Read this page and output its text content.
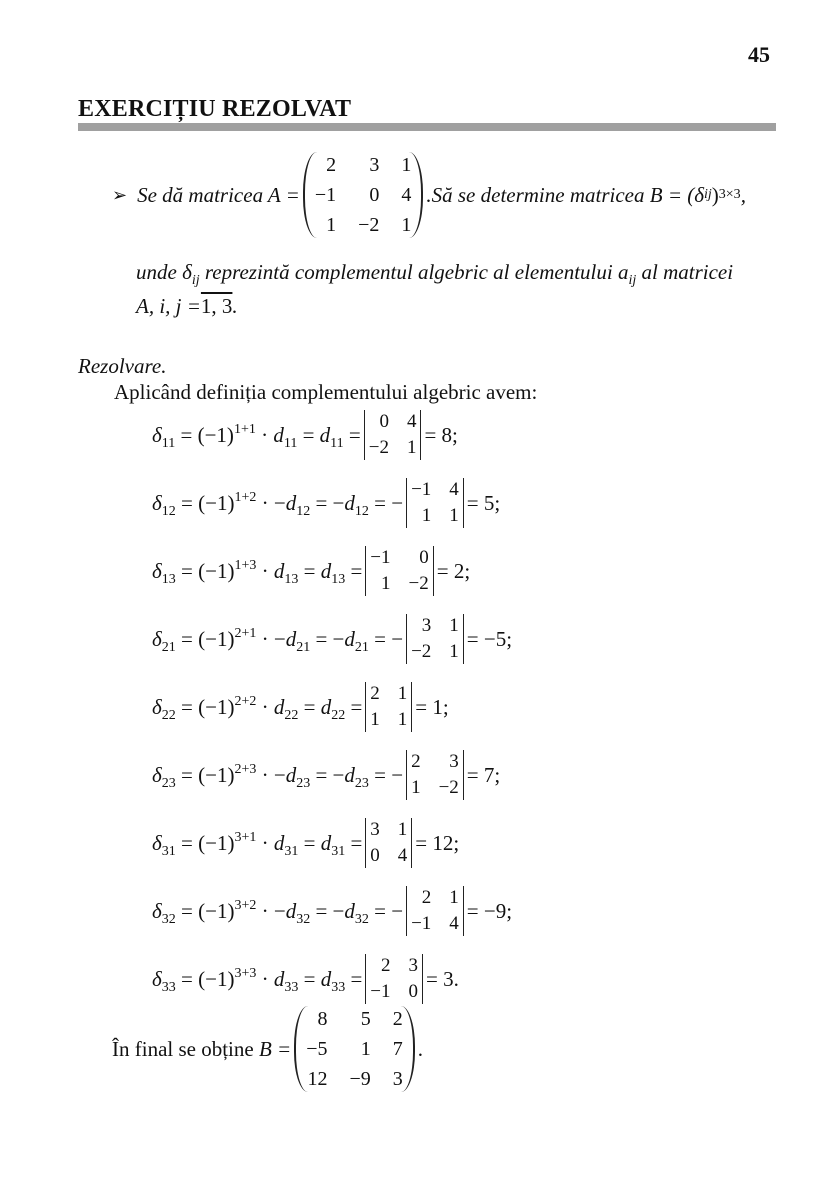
45
EXERCIȚIU REZOLVAT
➢ Se dă matricea A =
2	3 1
−1	0 4
1 −2 1
.Să se determine matricea B = (δ ij ) 3×3 ,
unde $\delta_{ij}$ reprezintă complementul algebric al elementului $a_{ij}$ al matricei
A, i, j =1, 3.
Rezolvare.
Aplicând definiția complementului algebric avem:
$\delta_{11} = (-1)^{1+1} \cdot d_{11} = d_{11}$ =
0 4
−2 1
= 8;
$\delta_{12} = (-1)^{1+2} \cdot -d_{12} = -d_{12}$ = −
−1 4
1 1
= 5;
$\delta_{13} = (-1)^{1+3} \cdot d_{13} = d_{13}$ =
−1	0
1 −2
= 2;
$\delta_{21} = (-1)^{2+1} \cdot -d_{21} = -d_{21}$ = −
3 1
−2 1
= −5;
$\delta_{22} = (-1)^{2+2} \cdot d_{22} = d_{22}$ =
2 1
1 1
= 1;
$\delta_{23} = (-1)^{2+3} \cdot -d_{23} = -d_{23}$ = −
2	3
1 −2
= 7;
$\delta_{31} = (-1)^{3+1} \cdot d_{31} = d_{31}$ =
3 1
0 4
= 12;
$\delta_{32} = (-1)^{3+2} \cdot -d_{32} = -d_{32}$ = −
2 1
−1 4
= −9;
$\delta_{33} = (-1)^{3+3} \cdot d_{33} = d_{33}$ =
2 3
−1 0
= 3.
În final se obține
B =
8	5 2
−5	1 7
12 −9 3
.
